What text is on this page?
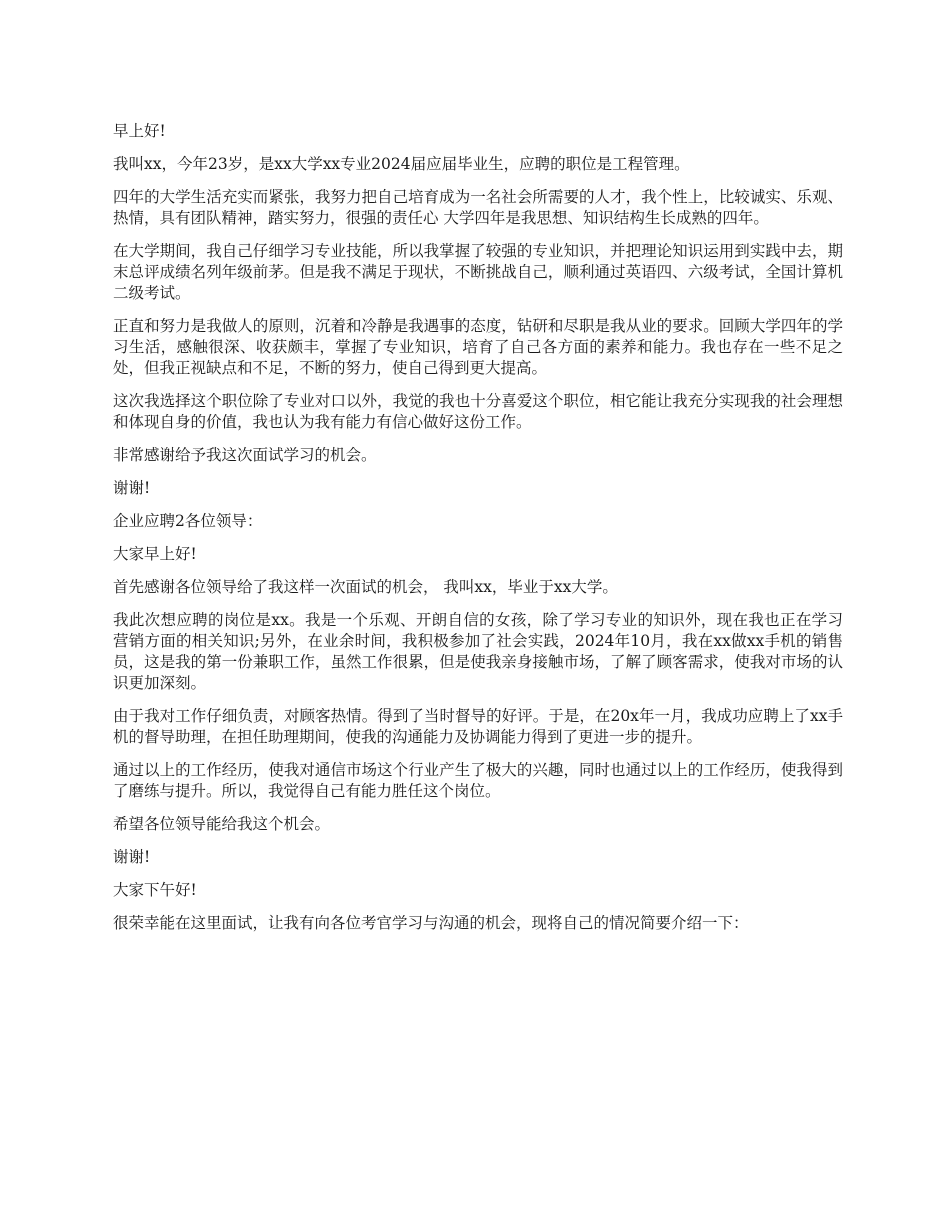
早上好!

我叫xx，今年23岁，是xx大学xx专业2024届应届毕业生，应聘的职位是工程管理。

四年的大学生活充实而紧张，我努力把自己培育成为一名社会所需要的人才，我个性上，比较诚实、乐观、热情，具有团队精神，踏实努力，很强的责任心 大学四年是我思想、知识结构生长成熟的四年。

在大学期间，我自己仔细学习专业技能，所以我掌握了较强的专业知识，并把理论知识运用到实践中去，期末总评成绩名列年级前茅。但是我不满足于现状，不断挑战自己，顺利通过英语四、六级考试，全国计算机二级考试。

正直和努力是我做人的原则，沉着和冷静是我遇事的态度，钻研和尽职是我从业的要求。回顾大学四年的学习生活，感触很深、收获颇丰，掌握了专业知识，培育了自己各方面的素养和能力。我也存在一些不足之处，但我正视缺点和不足，不断的努力，使自己得到更大提高。

这次我选择这个职位除了专业对口以外，我觉的我也十分喜爱这个职位，相它能让我充分实现我的社会理想和体现自身的价值，我也认为我有能力有信心做好这份工作。

非常感谢给予我这次面试学习的机会。

谢谢!

企业应聘2各位领导：

大家早上好!

首先感谢各位领导给了我这样一次面试的机会， 我叫xx，毕业于xx大学。

我此次想应聘的岗位是xx。我是一个乐观、开朗自信的女孩，除了学习专业的知识外，现在我也正在学习营销方面的相关知识;另外，在业余时间，我积极参加了社会实践，2024年10月，我在xx做xx手机的销售员，这是我的第一份兼职工作，虽然工作很累，但是使我亲身接触市场，了解了顾客需求，使我对市场的认识更加深刻。

由于我对工作仔细负责，对顾客热情。得到了当时督导的好评。于是，在20x年一月，我成功应聘上了xx手机的督导助理，在担任助理期间，使我的沟通能力及协调能力得到了更进一步的提升。

通过以上的工作经历，使我对通信市场这个行业产生了极大的兴趣，同时也通过以上的工作经历，使我得到了磨练与提升。所以，我觉得自己有能力胜任这个岗位。

希望各位领导能给我这个机会。

谢谢!

大家下午好!

很荣幸能在这里面试，让我有向各位考官学习与沟通的机会，现将自己的情况简要介绍一下：
